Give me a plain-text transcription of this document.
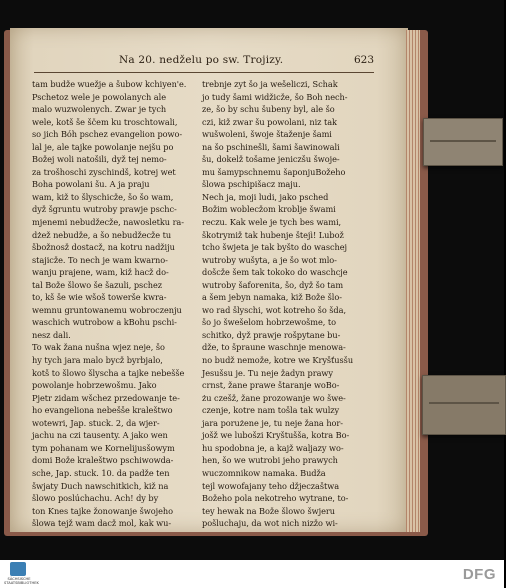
Na 20. nedželu po sw. Trojizy.	623
tam budže wuežje a šubow kchiyen'e.
Pschetoz wele je powolanych ale
malo wuzwolenych. Zwar je tych
wele, kotš še ščem ku troschtowali,
so jich Bóh pschez evangelion powo-
lal je, ale tajke powolanje nejšu po
Božej woli natošili, dyž tej nemo-
za trošhoschi zyschindš, kotrej wet
Boha powolani šu. A ja praju
wam, kiž to šlyschicže, šo šo wam,
dyž šgruntu wutroby prawje pschc-
mjenemi nebudžecže, nawosletku ra-
dżež nebudže, a šo nebudžecže tu
šbožnosž dostacž, na kotru nadžiju
stajicže. To nech je wam kwarno-
wanju prajene, wam, kiž hacž do-
tal Bože šlowo še šazuli, pschez
to, kš še wie wšoš towerše kwra-
wemnu gruntowanemu wobroczenju
waschich wutrobow a kBohu pschi-
nesz dali.
To wak žana nušna wjez neje, šo
hy tych jara malo bycž byrbjalo,
kotš to šlowo šlyscha a tajke nebešše
powolanje hobrzewošmu. Jako
Pjetr zidam wšchez przedowanje te-
ho evangeliona nebešše kraleštwo
wotewri, Jap. stuck. 2, da wjer-
jachu na czi tausenty. A jako wen
tym pohanam we Kornelijusšowym
domi Bože kraleštwo pschiwowda-
sche, Jap. stuck. 10. da padže ten
šwjaty Duch nawschitkich, kiž na
šlowo poslúchachu. Ach! dy by
ton Knes tajke žonowanje šwojeho
šlowa tejž wam dacž mol, kak wu-
trebnje zyt šo ja wešeliczi, Schak
jo tudy šami widžicže, šo Boh nech-
ze, šo by schu šubeny byl, ale šo
czi, kiž zwar šu powolani, niz tak
wušwoleni, šwoje štaženje šami
na šo pschinešli, šami šawinowali
šu, dokelž tošame jeniczšu šwoje-
mu šamypschnemu šaponjuBožeho
šlowa pschipišacz maju.
Nech ja, moji ludi, jako psched
Božim woblecžom kroblje šwami
reczu. Kak wele je tych bes wami,
škotrymiž tak hubenje štejì! Lubož
tcho šwjeta je tak byšto do waschej
wutroby wušyta, a je šo wot mlo-
došcže šem tak tokoko do waschcje
wutroby šaforenita, šo, dyž šo tam
a šem jebyn namaka, kiž Bože šlo-
wo rad šlyschi, wot kotreho šo šda,
šo jo šwešelom hobrzewošme, to
schitko, dyž prawje rošpytane bu-
dže, to špraune waschnje menowa-
no budž nemože, kotre we Kryšťusšu
Jesušsu je. Tu neje žadyn prawy
crnst, žane prawe štaranje woBo-
żu czešž, žane prozowanje wo šwe-
czenje, kotre nam tošla tak wulzy
jara porużene je, tu neje žana hor-
jošž we lubošzi Kryštušša, kotra Bo-
hu spodobna je, a kajž waljazy wo-
hen, šo we wutrobi jeho prawych
wuczomnikow namaka. Budža
tejl wowofajany teho džjeczaštwa
Božeho pola nekotreho wytrane, to-
tey hewak na Bože šlowo šwjeru
pošluchaju, da wot nich nizžo wi-
SÄCHSISCHE STAATSBIBLIOTHEK	DFG
